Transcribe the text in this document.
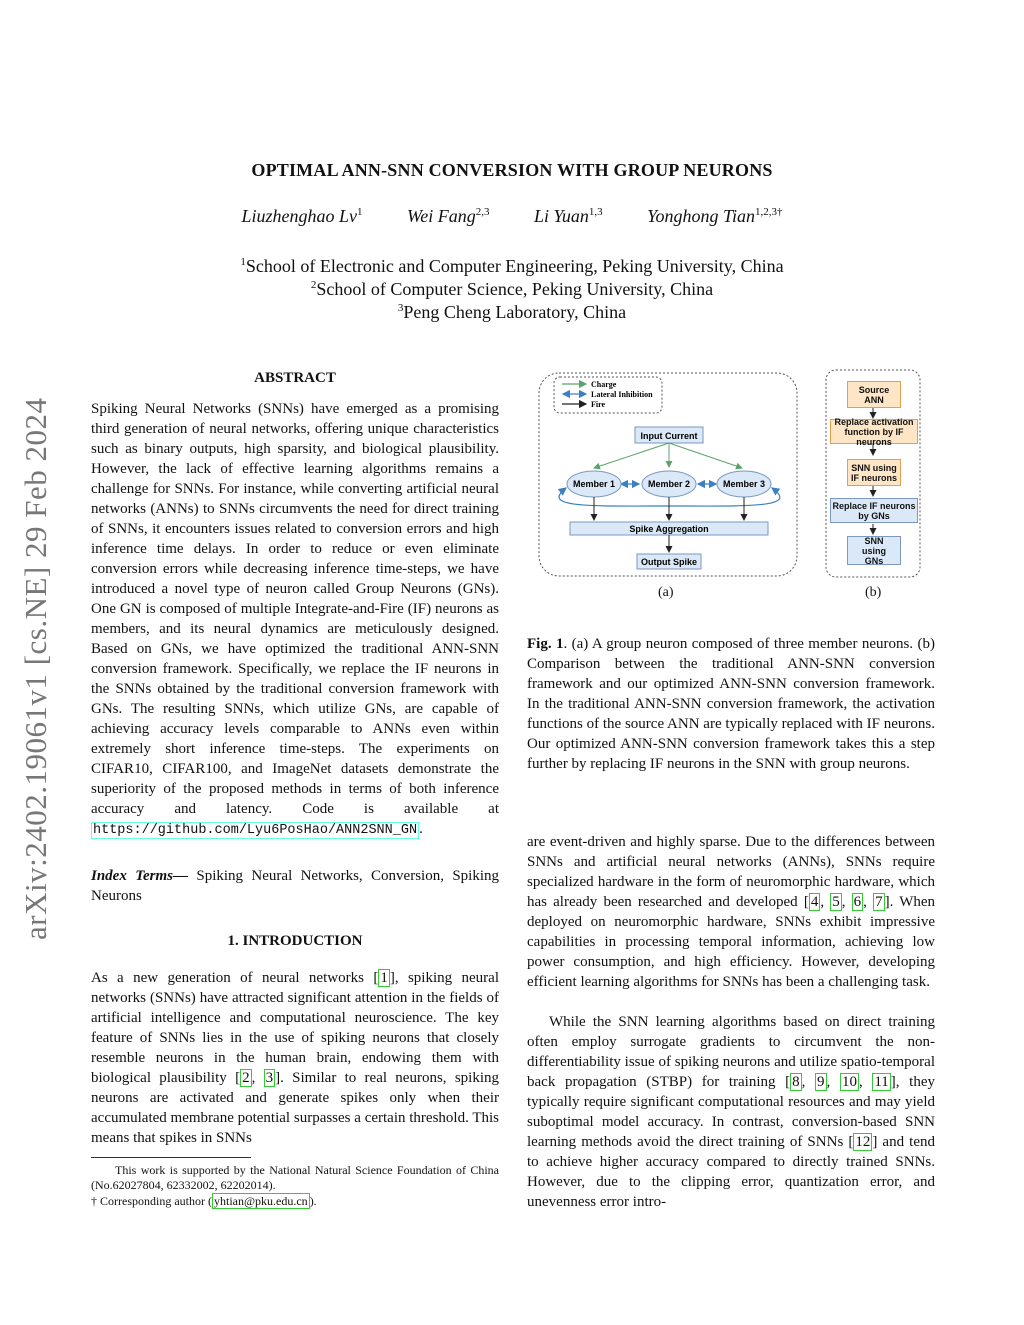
arXiv:2402.19061v1 [cs.NE] 29 Feb 2024
OPTIMAL ANN-SNN CONVERSION WITH GROUP NEURONS
Liuzhenghao Lv$^1$ Wei Fang$^{2,3}$ Li Yuan$^{1,3}$ Yonghong Tian$^{1,2,3\dagger}$
$^1$School of Electronic and Computer Engineering, Peking University, China
$^2$School of Computer Science, Peking University, China
$^3$Peng Cheng Laboratory, China
ABSTRACT

Spiking Neural Networks (SNNs) have emerged as a promising third generation of neural networks, offering unique characteristics such as binary outputs, high sparsity, and biological plausibility. However, the lack of effective learning algorithms remains a challenge for SNNs. For instance, while converting artificial neural networks (ANNs) to SNNs circumvents the need for direct training of SNNs, it encounters issues related to conversion errors and high inference time delays. In order to reduce or even eliminate conversion errors while decreasing inference time-steps, we have introduced a novel type of neuron called Group Neurons (GNs). One GN is composed of multiple Integrate-and-Fire (IF) neurons as members, and its neural dynamics are meticulously designed. Based on GNs, we have optimized the traditional ANN-SNN conversion framework. Specifically, we replace the IF neurons in the SNNs obtained by the traditional conversion framework with GNs. The resulting SNNs, which utilize GNs, are capable of achieving accuracy levels comparable to ANNs even within extremely short inference time-steps. The experiments on CIFAR10, CIFAR100, and ImageNet datasets demonstrate the superiority of the proposed methods in terms of both inference accuracy and latency. Code is available at https://github.com/Lyu6PosHao/ANN2SNN_GN .

Index Terms— Spiking Neural Networks, Conversion, Spiking Neurons

1. INTRODUCTION

As a new generation of neural networks [ 1 ], spiking neural networks (SNNs) have attracted significant attention in the fields of artificial intelligence and computational neuroscience. The key feature of SNNs lies in the use of spiking neurons that closely resemble neurons in the human brain, endowing them with biological plausibility [ 2 , 3 ]. Similar to real neurons, spiking neurons are activated and generate spikes only when their accumulated membrane potential surpasses a certain threshold. This means that spikes in SNNs

This work is supported by the National Natural Science Foundation of China (No.62027804, 62332002, 62202014).
† Corresponding author ( yhtian@pku.edu.cn ).
Charge
Lateral Inhibition
Fire
Input Current
Member 1	Member 2	Member 3
Spike Aggregation
Output Spike
Source ANN
Replace activation function by IF neurons
SNN using IF neurons
Replace IF neurons by GNs
SNN using GNs
(a)	(b)
Fig. 1. (a) A group neuron composed of three member neurons. (b) Comparison between the traditional ANN-SNN conversion framework and our optimized ANN-SNN conversion framework. In the traditional ANN-SNN conversion framework, the activation functions of the source ANN are typically replaced with IF neurons. Our optimized ANN-SNN conversion framework takes this a step further by replacing IF neurons in the SNN with group neurons.

are event-driven and highly sparse. Due to the differences between SNNs and artificial neural networks (ANNs), SNNs require specialized hardware in the form of neuromorphic hardware, which has already been researched and developed [ 4 , 5 , 6 , 7 ]. When deployed on neuromorphic hardware, SNNs exhibit impressive capabilities in processing temporal information, achieving low power consumption, and high efficiency. However, developing efficient learning algorithms for SNNs has been a challenging task.

While the SNN learning algorithms based on direct training often employ surrogate gradients to circumvent the non-differentiability issue of spiking neurons and utilize spatio-temporal back propagation (STBP) for training [ 8 , 9 , 10 , 11 ], they typically require significant computational resources and may yield suboptimal model accuracy. In contrast, conversion-based SNN learning methods avoid the direct training of SNNs [ 12 ] and tend to achieve higher accuracy compared to directly trained SNNs. However, due to the clipping error, quantization error, and unevenness error intro-
